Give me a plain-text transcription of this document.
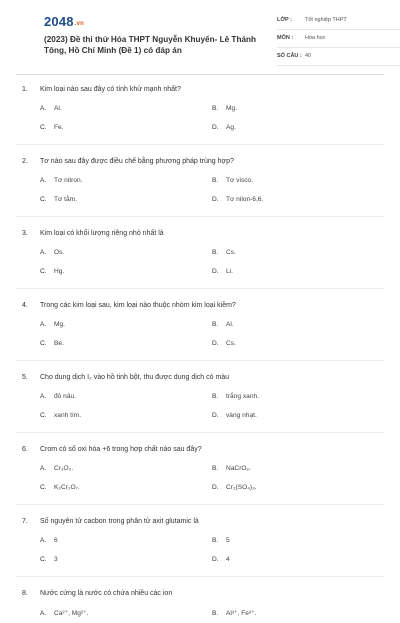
2048.vn
(2023) Đề thi thử Hóa THPT Nguyễn Khuyến- Lê Thánh Tông, Hồ Chí Minh (Đề 1) có đáp án
LỚP : Tốt nghiệp THPT
MÔN : Hóa học
SỐ CÂU : 40
1. Kim loại nào sau đây có tính khử mạnh nhất?
A. Al.	B. Mg.
C. Fe.	D. Ag.
2. Tơ nào sau đây được điều chế bằng phương pháp trùng hợp?
A. Tơ nitron.	B. Tơ visco.
C. Tơ tằm.	D. Tơ nilon-6,6.
3. Kim loại có khối lượng riêng nhỏ nhất là
A. Os.	B. Cs.
C. Hg.	D. Li.
4. Trong các kim loại sau, kim loại nào thuộc nhóm kim loại kiềm?
A. Mg.	B. Al.
C. Be.	D. Cs.
5. Cho dung dịch I₂ vào hồ tinh bột, thu được dung dịch có màu
A. đỏ nâu.	B. trắng xanh.
C. xanh tím.	D. vàng nhạt.
6. Crom có số oxi hóa +6 trong hợp chất nào sau đây?
A. Cr₂O₃.	B. NaCrO₂.
C. K₂Cr₂O₇.	D. Cr₂(SO₄)₃.
7. Số nguyên tử cacbon trong phân tử axit glutamic là
A. 6	B. 5
C. 3	D. 4
8. Nước cứng là nước có chứa nhiều các ion
A. Ca²⁺, Mg²⁺.	B. Al³⁺, Fe³⁺.
